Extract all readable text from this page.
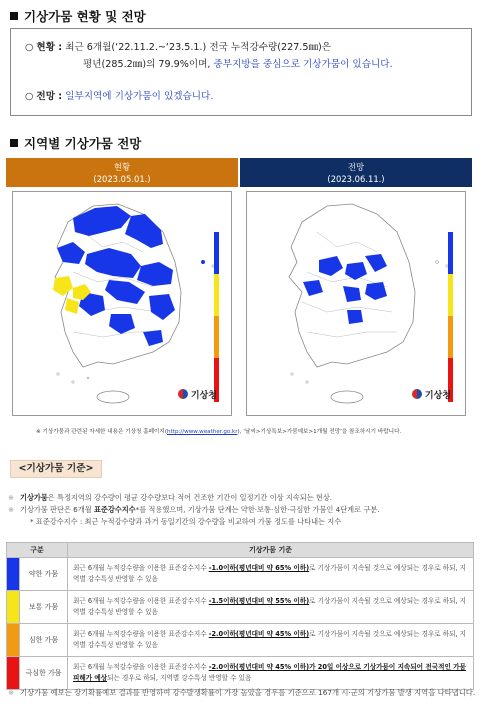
기상가뭄 현황 및 전망
○ 현황 : 최근 6개월(‘22.11.2.~‘23.5.1.) 전국 누적강수량(227.5㎜)은
평년(285.2㎜)의 79.9%이며, 중부지방을 중심으로 기상가뭄이 있습니다.
○ 전망 : 일부지역에 기상가뭄이 있겠습니다.
지역별 기상가뭄 전망
현황
(2023.05.01.)
기상청
전망
(2023.06.11.)
기상청
※ 기상가뭄과 관련된 자세한 내용은 기상청 홈페이지(http://www.weather.go.kr), ‘날씨>기상특보>가뭄예보>1개월 전망’을 참조하시기 바랍니다.
<기상가뭄 기준>
※ 기상가뭄은 특정지역의 강수량이 평균 강수량보다 적어 건조한 기간이 일정기간 이상 지속되는 현상.
※ 기상가뭄 판단은 6개월 표준강수지수*를 적용했으며, 기상가뭄 단계는 약한·보통·심한·극심한 가뭄인 4단계로 구분.
* 표준강수지수 : 최근 누적강수량과 과거 동일기간의 강수량을 비교하여 가뭄 정도를 나타내는 지수
구분		기상가뭄 기준
	약한 가뭄	최근 6개월 누적강수량을 이용한 표준강수지수 -1.0이하(평년대비 약 65% 이하)로 기상가뭄이 지속될 것으로 예상되는 경우로 하되, 지역별 강수특성 반영할 수 있음
	보통 가뭄	최근 6개월 누적강수량을 이용한 표준강수지수 -1.5이하(평년대비 약 55% 이하)로 기상가뭄이 지속될 것으로 예상되는 경우로 하되, 지역별 강수특성 반영할 수 있음
	심한 가뭄	최근 6개월 누적강수량을 이용한 표준강수지수 -2.0이하(평년대비 약 45% 이하)로 기상가뭄이 지속될 것으로 예상되는 경우로 하되, 지역별 강수특성 반영할 수 있음
	극심한 가뭄	최근 6개월 누적강수량을 이용한 표준강수지수 -2.0이하(평년대비 약 45% 이하)가 20일 이상으로 기상가뭄이 지속되어 전국적인 가뭄 피해가 예상되는 경우로 하되, 지역별 강수특성 반영할 수 있음
※ 기상가뭄 예보는 장기확률예보 결과를 반영하여 강수발생확률이 가장 높았을 경우를 기준으로 167개 시·군의 기상가뭄 발생 지역을 나타냅니다.
